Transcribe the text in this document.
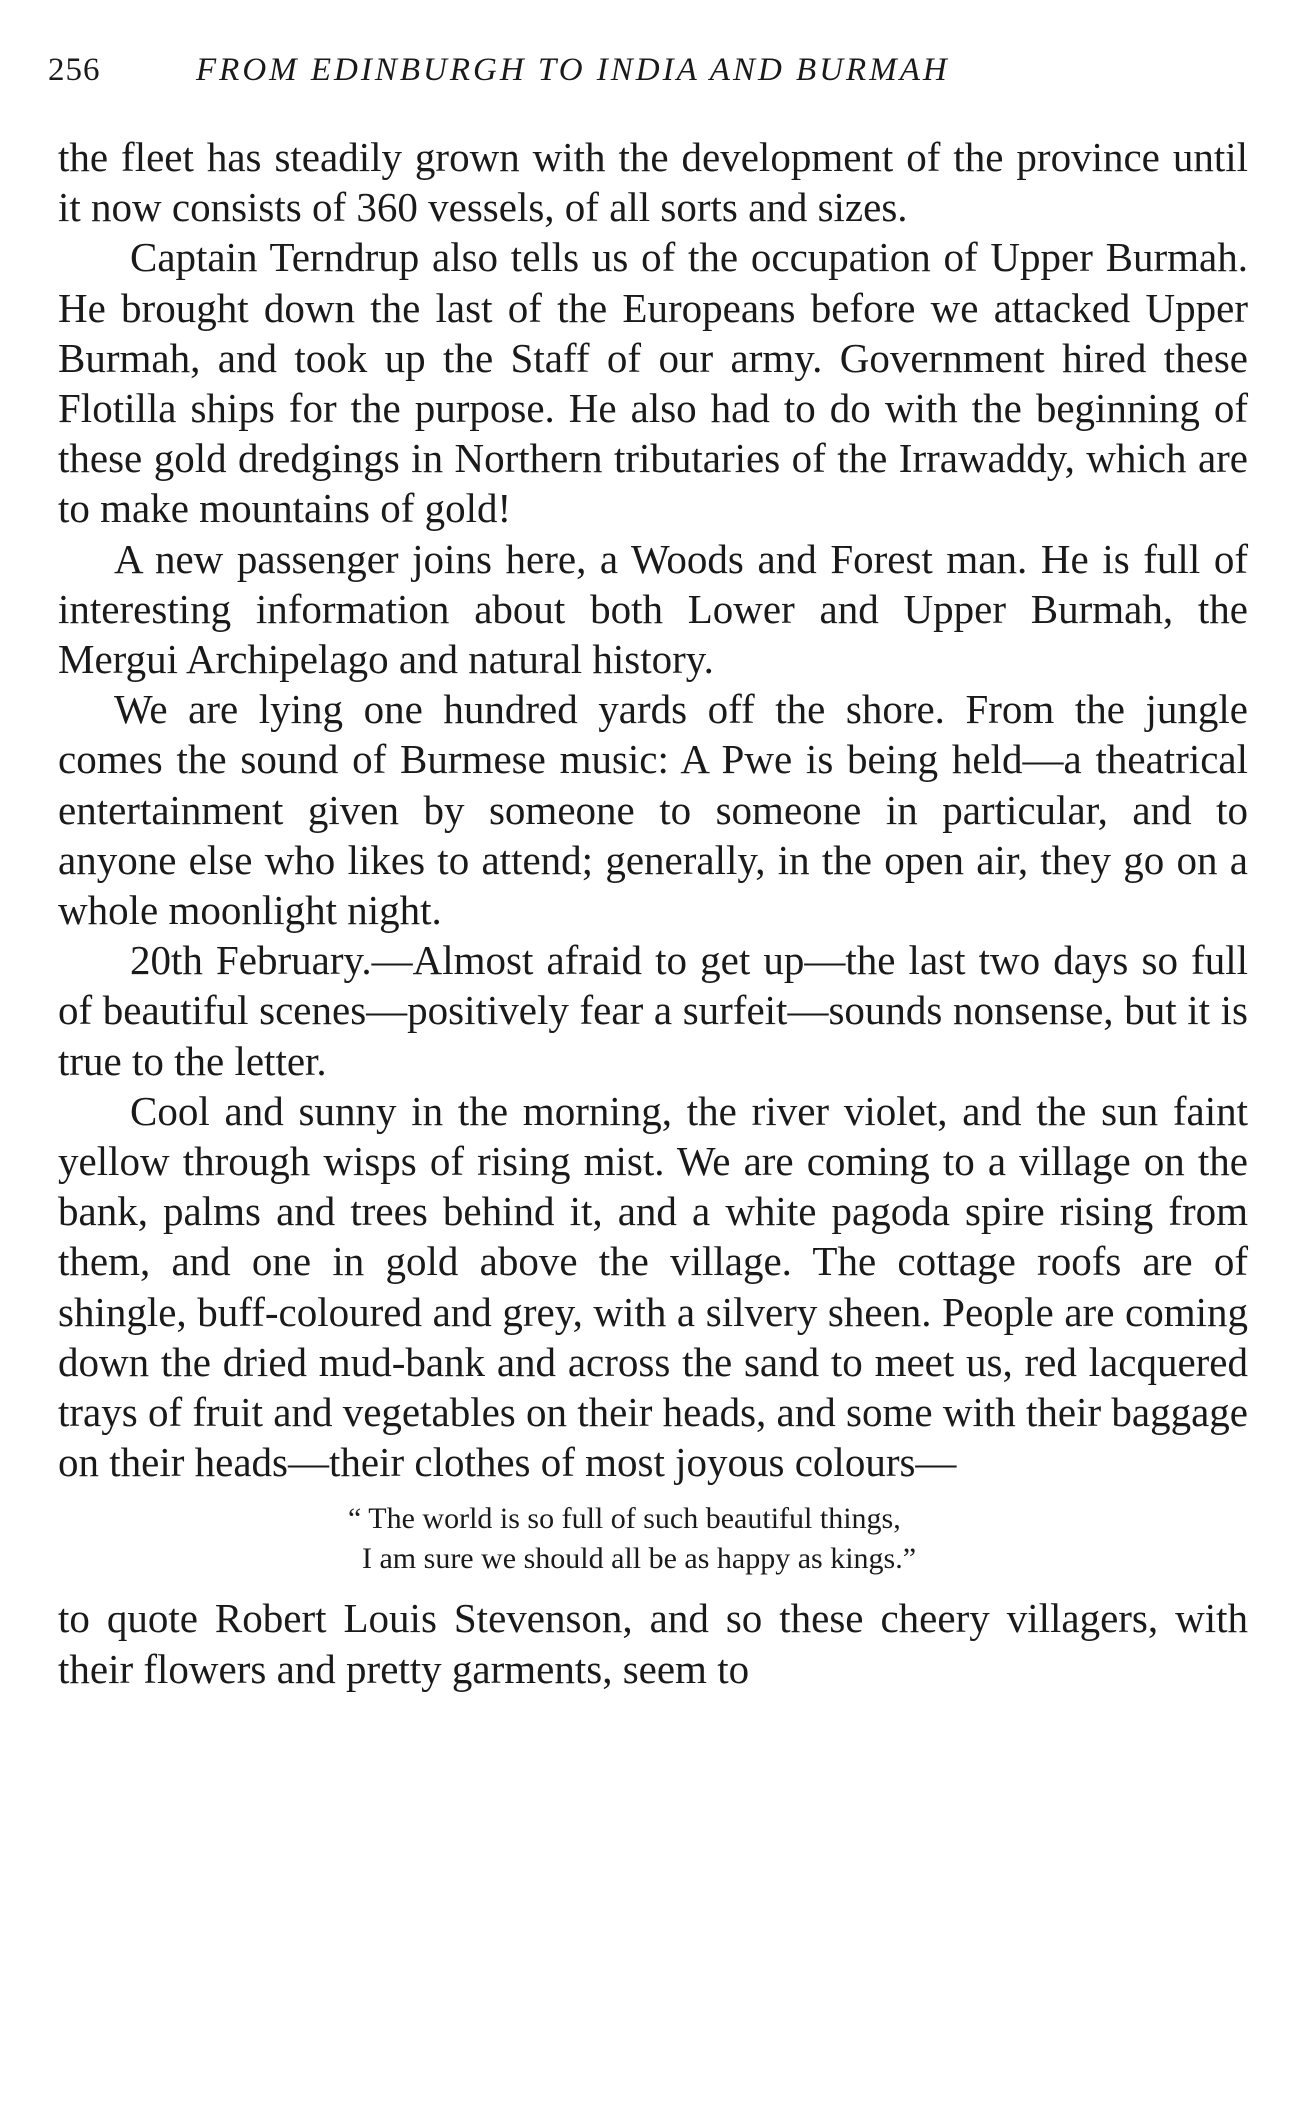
256	FROM EDINBURGH TO INDIA AND BURMAH

the fleet has steadily grown with the development of the province until it now consists of 360 vessels, of all sorts and sizes.

Captain Terndrup also tells us of the occupation of Upper Burmah. He brought down the last of the Europeans before we attacked Upper Burmah, and took up the Staff of our army. Government hired these Flotilla ships for the purpose. He also had to do with the beginning of these gold dredgings in Northern tributaries of the Irrawaddy, which are to make mountains of gold!

A new passenger joins here, a Woods and Forest man. He is full of interesting information about both Lower and Upper Burmah, the Mergui Archipelago and natural history.

We are lying one hundred yards off the shore. From the jungle comes the sound of Burmese music: A Pwe is being held—a theatrical entertainment given by someone to someone in particular, and to anyone else who likes to attend; generally, in the open air, they go on a whole moonlight night.

20th February.—Almost afraid to get up—the last two days so full of beautiful scenes—positively fear a surfeit—sounds nonsense, but it is true to the letter.

Cool and sunny in the morning, the river violet, and the sun faint yellow through wisps of rising mist. We are coming to a village on the bank, palms and trees behind it, and a white pagoda spire rising from them, and one in gold above the village. The cottage roofs are of shingle, buff-coloured and grey, with a silvery sheen. People are coming down the dried mud-bank and across the sand to meet us, red lacquered trays of fruit and vegetables on their heads, and some with their baggage on their heads—their clothes of most joyous colours—

“ The world is so full of such beautiful things,
I am sure we should all be as happy as kings.”

to quote Robert Louis Stevenson, and so these cheery villagers, with their flowers and pretty garments, seem to
